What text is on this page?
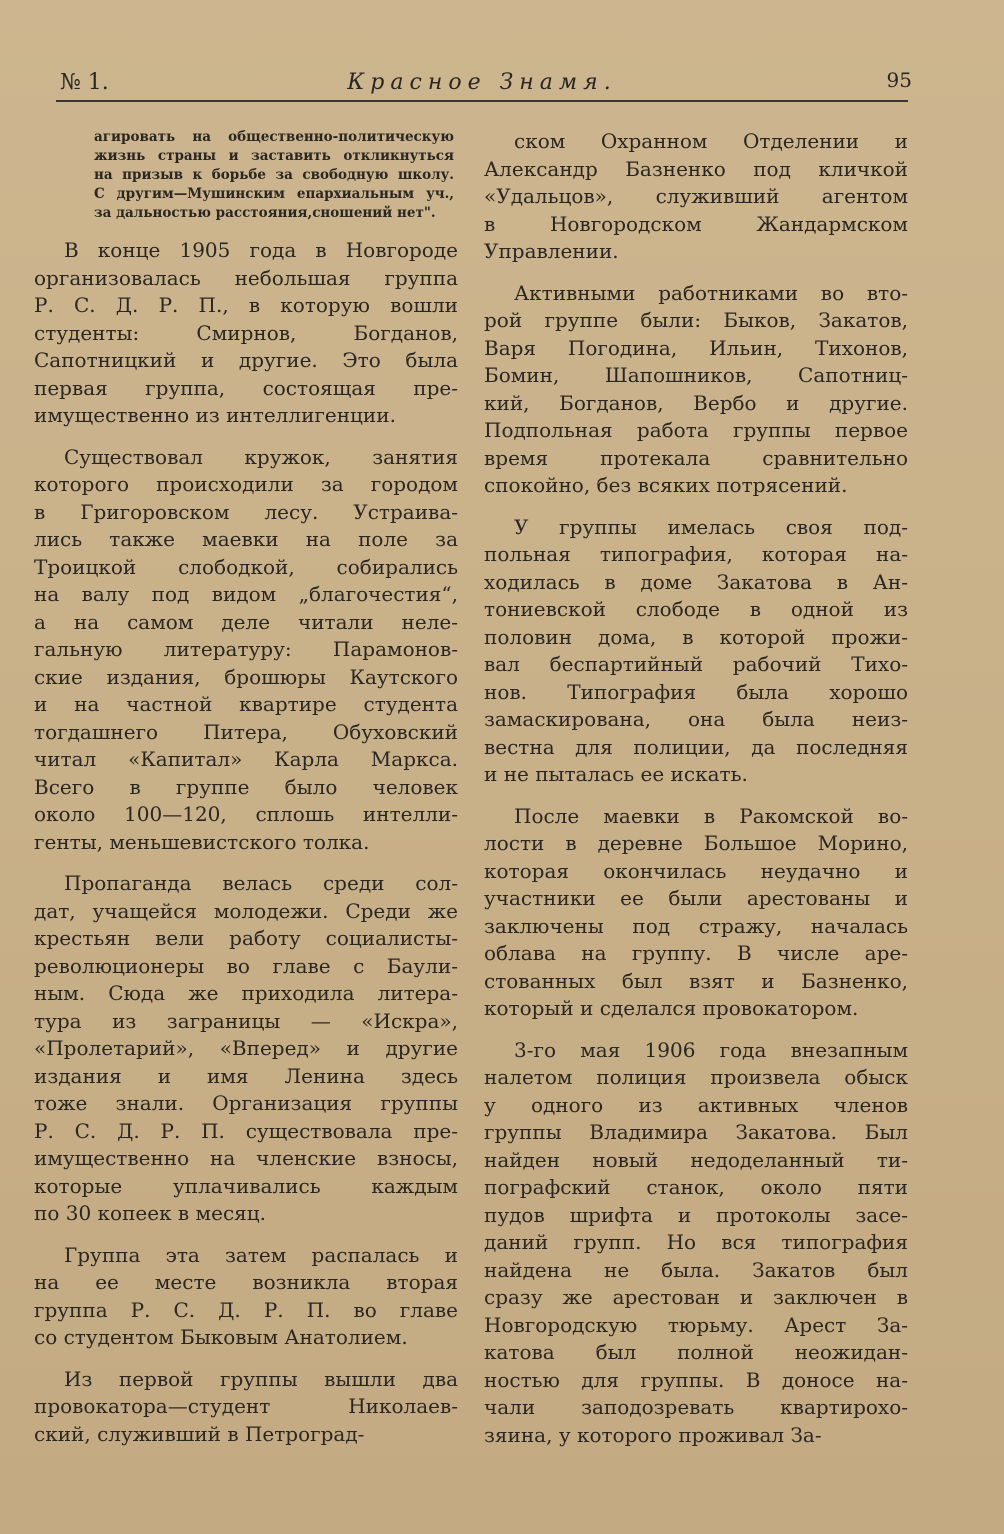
№ 1.	Красное Знамя.	95
агировать на общественно-политическую
жизнь страны и заставить откликнуться
на призыв к борьбе за свободную школу.
С другим—Мушинским епархиальным уч.,
за дальностью расстояния,сношений нет".
В конце 1905 года в Новгороде
организовалась небольшая группа
Р. С. Д. Р. П., в которую вошли
студенты: Смирнов, Богданов,
Сапотницкий и другие. Это была
первая группа, состоящая пре-
имущественно из интеллигенции.
Существовал кружок, занятия
которого происходили за городом
в Григоровском лесу. Устраива-
лись также маевки на поле за
Троицкой слободкой, собирались
на валу под видом „благочестия“,
а на самом деле читали неле-
гальную литературу: Парамонов-
ские издания, брошюры Каутского
и на частной квартире студента
тогдашнего Питера, Обуховский
читал «Капитал» Карла Маркса.
Всего в группе было человек
около 100—120, сплошь интелли-
генты, меньшевистского толка.
Пропаганда велась среди сол-
дат, учащейся молодежи. Среди же
крестьян вели работу социалисты-
революционеры во главе с Баули-
ным. Сюда же приходила литера-
тура из заграницы — «Искра»,
«Пролетарий», «Вперед» и другие
издания и имя Ленина здесь
тоже знали. Организация группы
Р. С. Д. Р. П. существовала пре-
имущественно на членские взносы,
которые уплачивались каждым
по 30 копеек в месяц.
Группа эта затем распалась и
на ее месте возникла вторая
группа Р. С. Д. Р. П. во главе
со студентом Быковым Анатолием.
Из первой группы вышли два
провокатора—студент Николаев-
ский, служивший в Петроград-
ском Охранном Отделении и
Александр Базненко под кличкой
«Удальцов», служивший агентом
в Новгородском Жандармском
Управлении.
Активными работниками во вто-
рой группе были: Быков, Закатов,
Варя Погодина, Ильин, Тихонов,
Бомин, Шапошников, Сапотниц-
кий, Богданов, Вербо и другие.
Подпольная работа группы первое
время протекала сравнительно
спокойно, без всяких потрясений.
У группы имелась своя под-
польная типография, которая на-
ходилась в доме Закатова в Ан-
тониевской слободе в одной из
половин дома, в которой прожи-
вал беспартийный рабочий Тихо-
нов. Типография была хорошо
замаскирована, она была неиз-
вестна для полиции, да последняя
и не пыталась ее искать.
После маевки в Ракомской во-
лости в деревне Большое Морино,
которая окончилась неудачно и
участники ее были арестованы и
заключены под стражу, началась
облава на группу. В числе аре-
стованных был взят и Базненко,
который и сделался провокатором.
3-го мая 1906 года внезапным
налетом полиция произвела обыск
у одного из активных членов
группы Владимира Закатова. Был
найден новый недоделанный ти-
пографский станок, около пяти
пудов шрифта и протоколы засе-
даний групп. Но вся типография
найдена не была. Закатов был
сразу же арестован и заключен в
Новгородскую тюрьму. Арест За-
катова был полной неожидан-
ностью для группы. В доносе на-
чали заподозревать квартирохо-
зяина, у которого проживал За-
